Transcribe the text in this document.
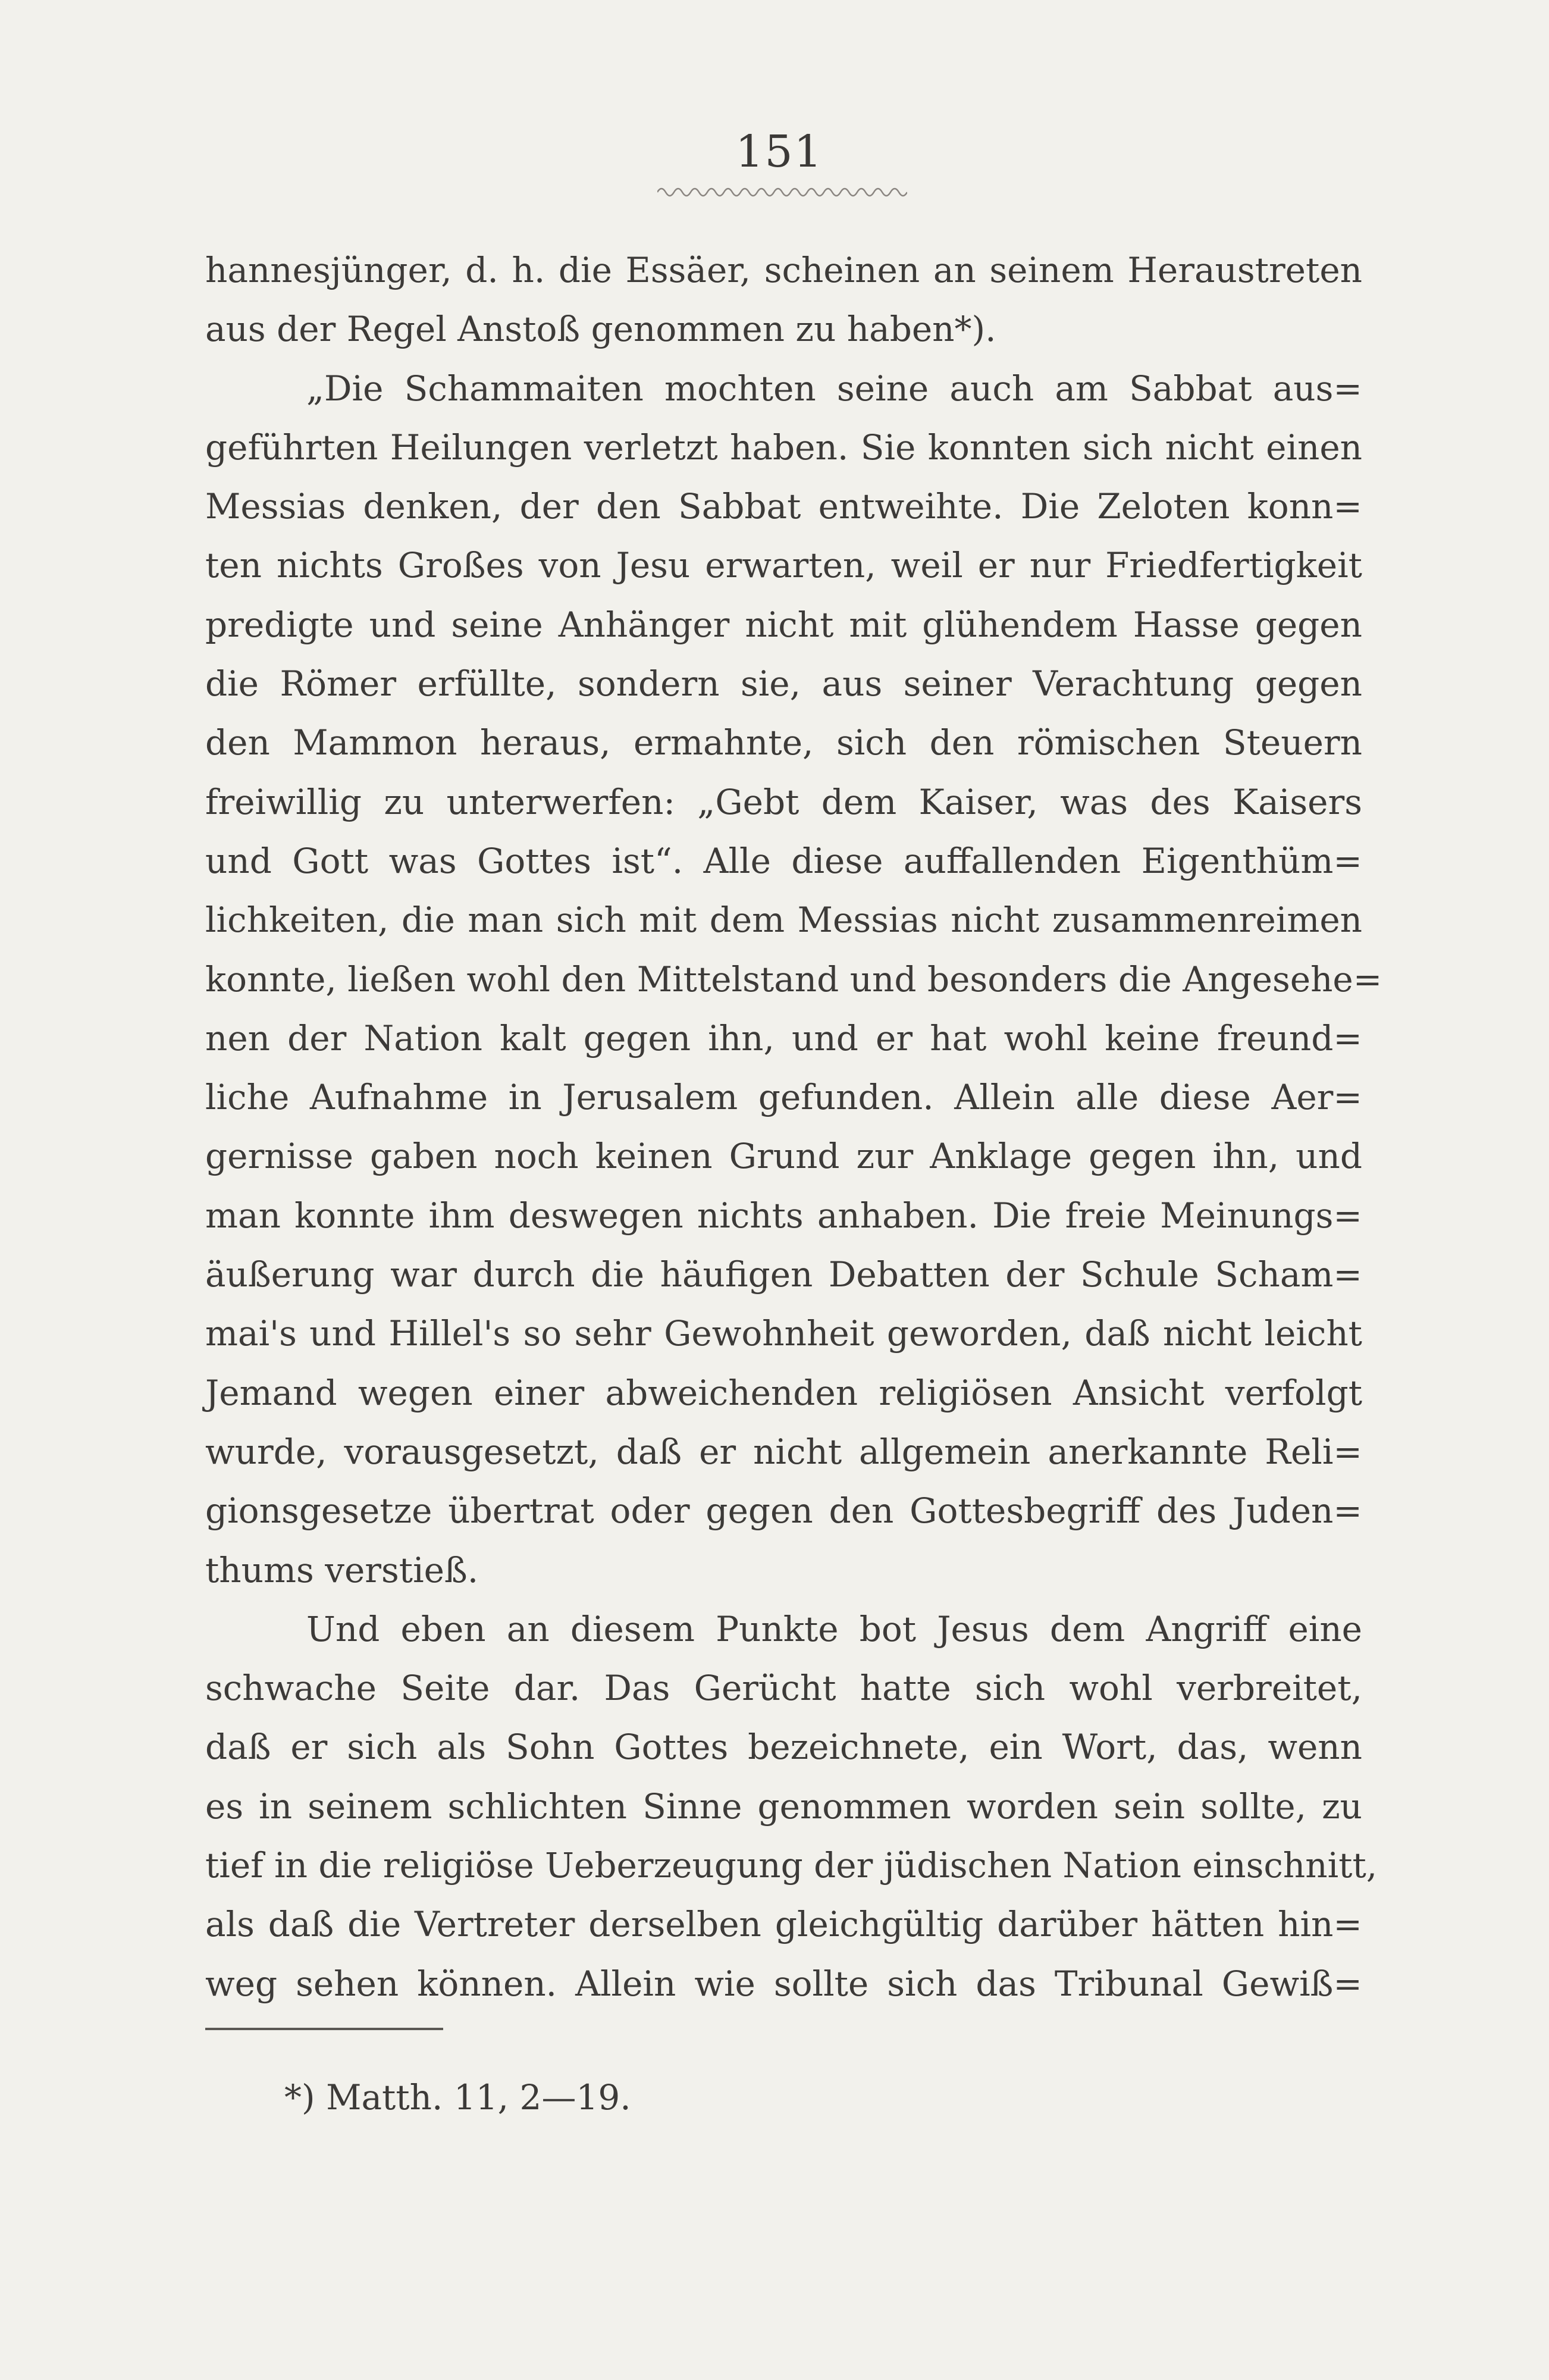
151
hannesjünger, d. h. die Essäer, scheinen an seinem Heraustreten
aus der Regel Anstoß genommen zu haben*).
„Die Schammaiten mochten seine auch am Sabbat aus=
geführten Heilungen verletzt haben. Sie konnten sich nicht einen
Messias denken, der den Sabbat entweihte. Die Zeloten konn=
ten nichts Großes von Jesu erwarten, weil er nur Friedfertigkeit
predigte und seine Anhänger nicht mit glühendem Hasse gegen
die Römer erfüllte, sondern sie, aus seiner Verachtung gegen
den Mammon heraus, ermahnte, sich den römischen Steuern
freiwillig zu unterwerfen: „Gebt dem Kaiser, was des Kaisers
und Gott was Gottes ist“. Alle diese auffallenden Eigenthüm=
lichkeiten, die man sich mit dem Messias nicht zusammenreimen
konnte, ließen wohl den Mittelstand und besonders die Angesehe=
nen der Nation kalt gegen ihn, und er hat wohl keine freund=
liche Aufnahme in Jerusalem gefunden. Allein alle diese Aer=
gernisse gaben noch keinen Grund zur Anklage gegen ihn, und
man konnte ihm deswegen nichts anhaben. Die freie Meinungs=
äußerung war durch die häufigen Debatten der Schule Scham=
mai's und Hillel's so sehr Gewohnheit geworden, daß nicht leicht
Jemand wegen einer abweichenden religiösen Ansicht verfolgt
wurde, vorausgesetzt, daß er nicht allgemein anerkannte Reli=
gionsgesetze übertrat oder gegen den Gottesbegriff des Juden=
thums verstieß.
Und eben an diesem Punkte bot Jesus dem Angriff eine
schwache Seite dar. Das Gerücht hatte sich wohl verbreitet,
daß er sich als Sohn Gottes bezeichnete, ein Wort, das, wenn
es in seinem schlichten Sinne genommen worden sein sollte, zu
tief in die religiöse Ueberzeugung der jüdischen Nation einschnitt,
als daß die Vertreter derselben gleichgültig darüber hätten hin=
weg sehen können. Allein wie sollte sich das Tribunal Gewiß=
*) Matth. 11, 2—19.
